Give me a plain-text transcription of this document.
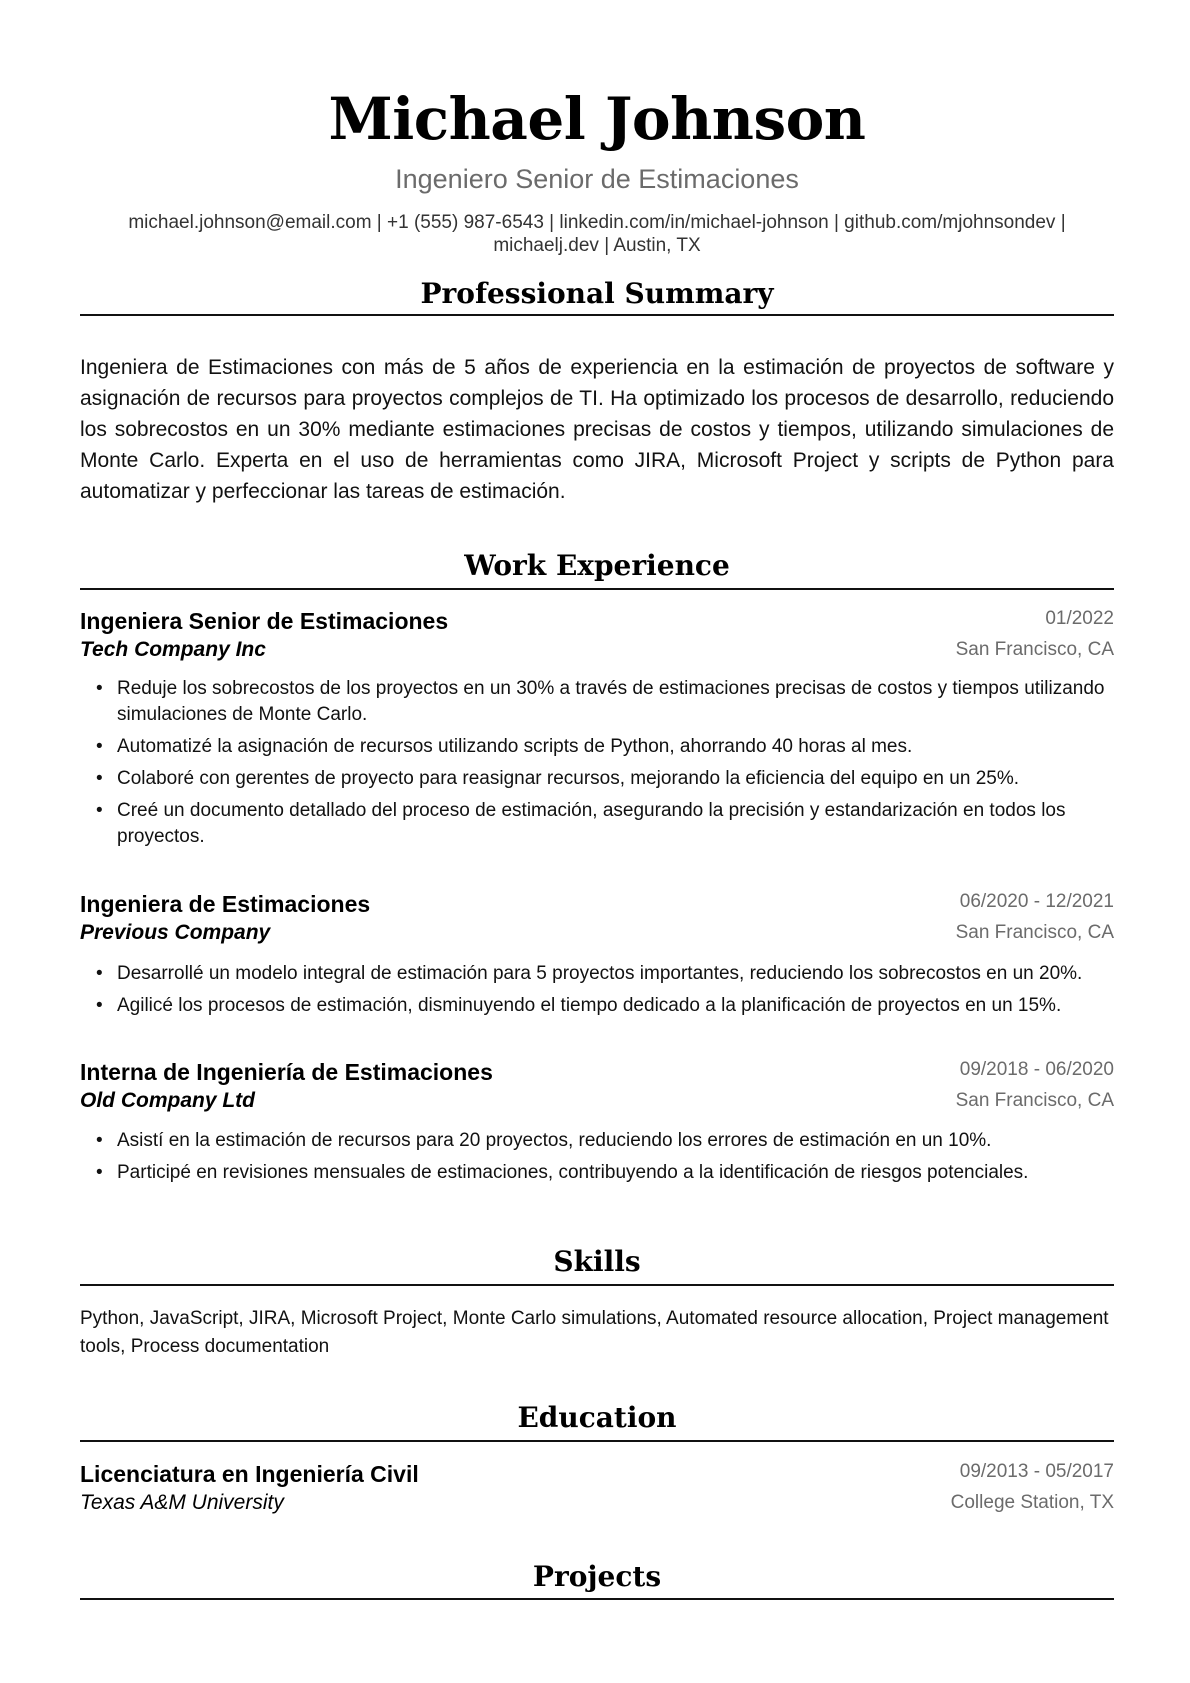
Michael Johnson
Ingeniero Senior de Estimaciones
michael.johnson@email.com | +1 (555) 987-6543 | linkedin.com/in/michael-johnson | github.com/mjohnsondev |
michaelj.dev | Austin, TX
Professional Summary
Ingeniera de Estimaciones con más de 5 años de experiencia en la estimación de proyectos de software y asignación de recursos para proyectos complejos de TI. Ha optimizado los procesos de desarrollo, reduciendo los sobrecostos en un 30% mediante estimaciones precisas de costos y tiempos, utilizando simulaciones de Monte Carlo. Experta en el uso de herramientas como JIRA, Microsoft Project y scripts de Python para automatizar y perfeccionar las tareas de estimación.
Work Experience
Ingeniera Senior de Estimaciones	01/2022
Tech Company Inc	San Francisco, CA
• Reduje los sobrecostos de los proyectos en un 30% a través de estimaciones precisas de costos y tiempos utilizando simulaciones de Monte Carlo.
• Automatizé la asignación de recursos utilizando scripts de Python, ahorrando 40 horas al mes.
• Colaboré con gerentes de proyecto para reasignar recursos, mejorando la eficiencia del equipo en un 25%.
• Creé un documento detallado del proceso de estimación, asegurando la precisión y estandarización en todos los proyectos.
Ingeniera de Estimaciones	06/2020 - 12/2021
Previous Company	San Francisco, CA
• Desarrollé un modelo integral de estimación para 5 proyectos importantes, reduciendo los sobrecostos en un 20%.
• Agilicé los procesos de estimación, disminuyendo el tiempo dedicado a la planificación de proyectos en un 15%.
Interna de Ingeniería de Estimaciones	09/2018 - 06/2020
Old Company Ltd	San Francisco, CA
• Asistí en la estimación de recursos para 20 proyectos, reduciendo los errores de estimación en un 10%.
• Participé en revisiones mensuales de estimaciones, contribuyendo a la identificación de riesgos potenciales.
Skills
Python, JavaScript, JIRA, Microsoft Project, Monte Carlo simulations, Automated resource allocation, Project management tools, Process documentation
Education
Licenciatura en Ingeniería Civil	09/2013 - 05/2017
Texas A&M University	College Station, TX
Projects
